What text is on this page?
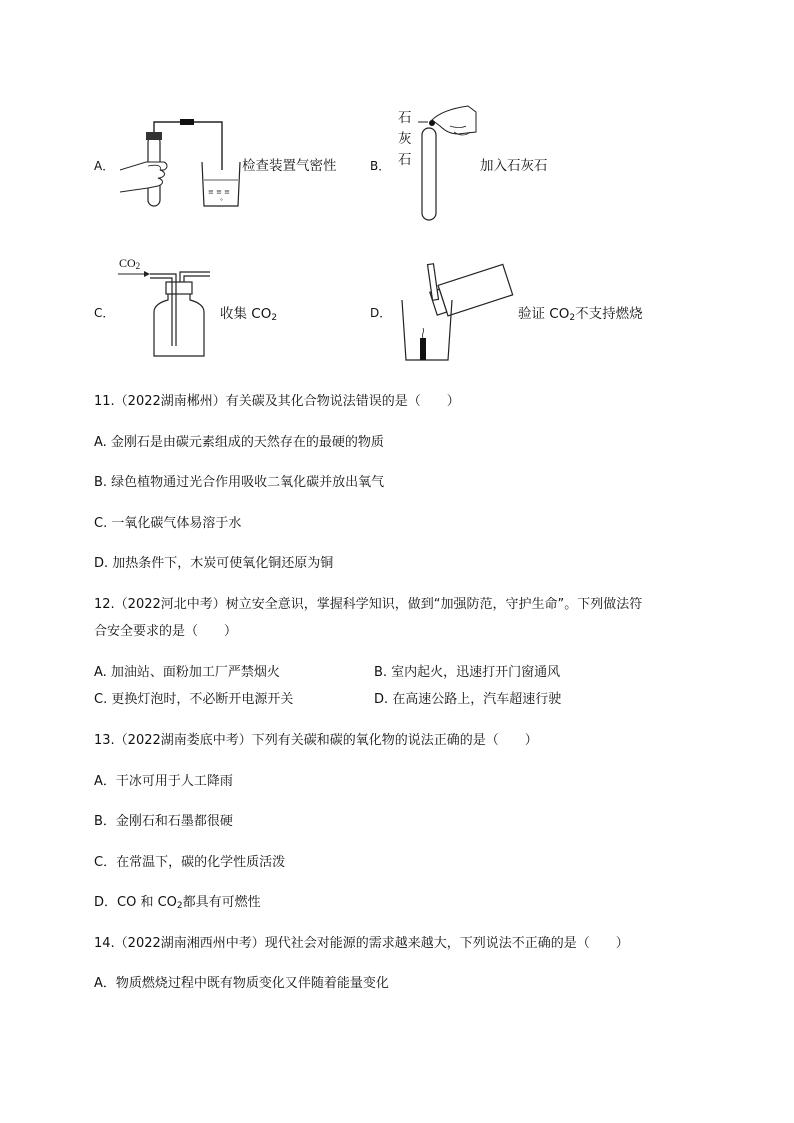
A．
≡ ≡ ≡
°
检查装置气密性	B．
石
灰
石	加入石灰石
C．
$CO_2$
收集 $CO_2$	D．	验证 $CO_2$不支持燃烧
11.（2022湖南郴州）有关碳及其化合物说法错误的是（　　）
A. 金刚石是由碳元素组成的天然存在的最硬的物质
B. 绿色植物通过光合作用吸收二氧化碳并放出氧气
C. 一氧化碳气体易溶于水
D. 加热条件下，木炭可使氧化铜还原为铜
12.（2022河北中考）树立安全意识，掌握科学知识，做到“加强防范，守护生命”。下列做法符
合安全要求的是（　　）
A. 加油站、面粉加工厂严禁烟火	B. 室内起火，迅速打开门窗通风
C. 更换灯泡时，不必断开电源开关	D. 在高速公路上，汽车超速行驶
13.（2022湖南娄底中考）下列有关碳和碳的氧化物的说法正确的是（　　）
A．干冰可用于人工降雨
B．金刚石和石墨都很硬
C．在常温下，碳的化学性质活泼
D．CO 和 $CO_2$都具有可燃性
14.（2022湖南湘西州中考）现代社会对能源的需求越来越大，下列说法不正确的是（　　）
A．物质燃烧过程中既有物质变化又伴随着能量变化
